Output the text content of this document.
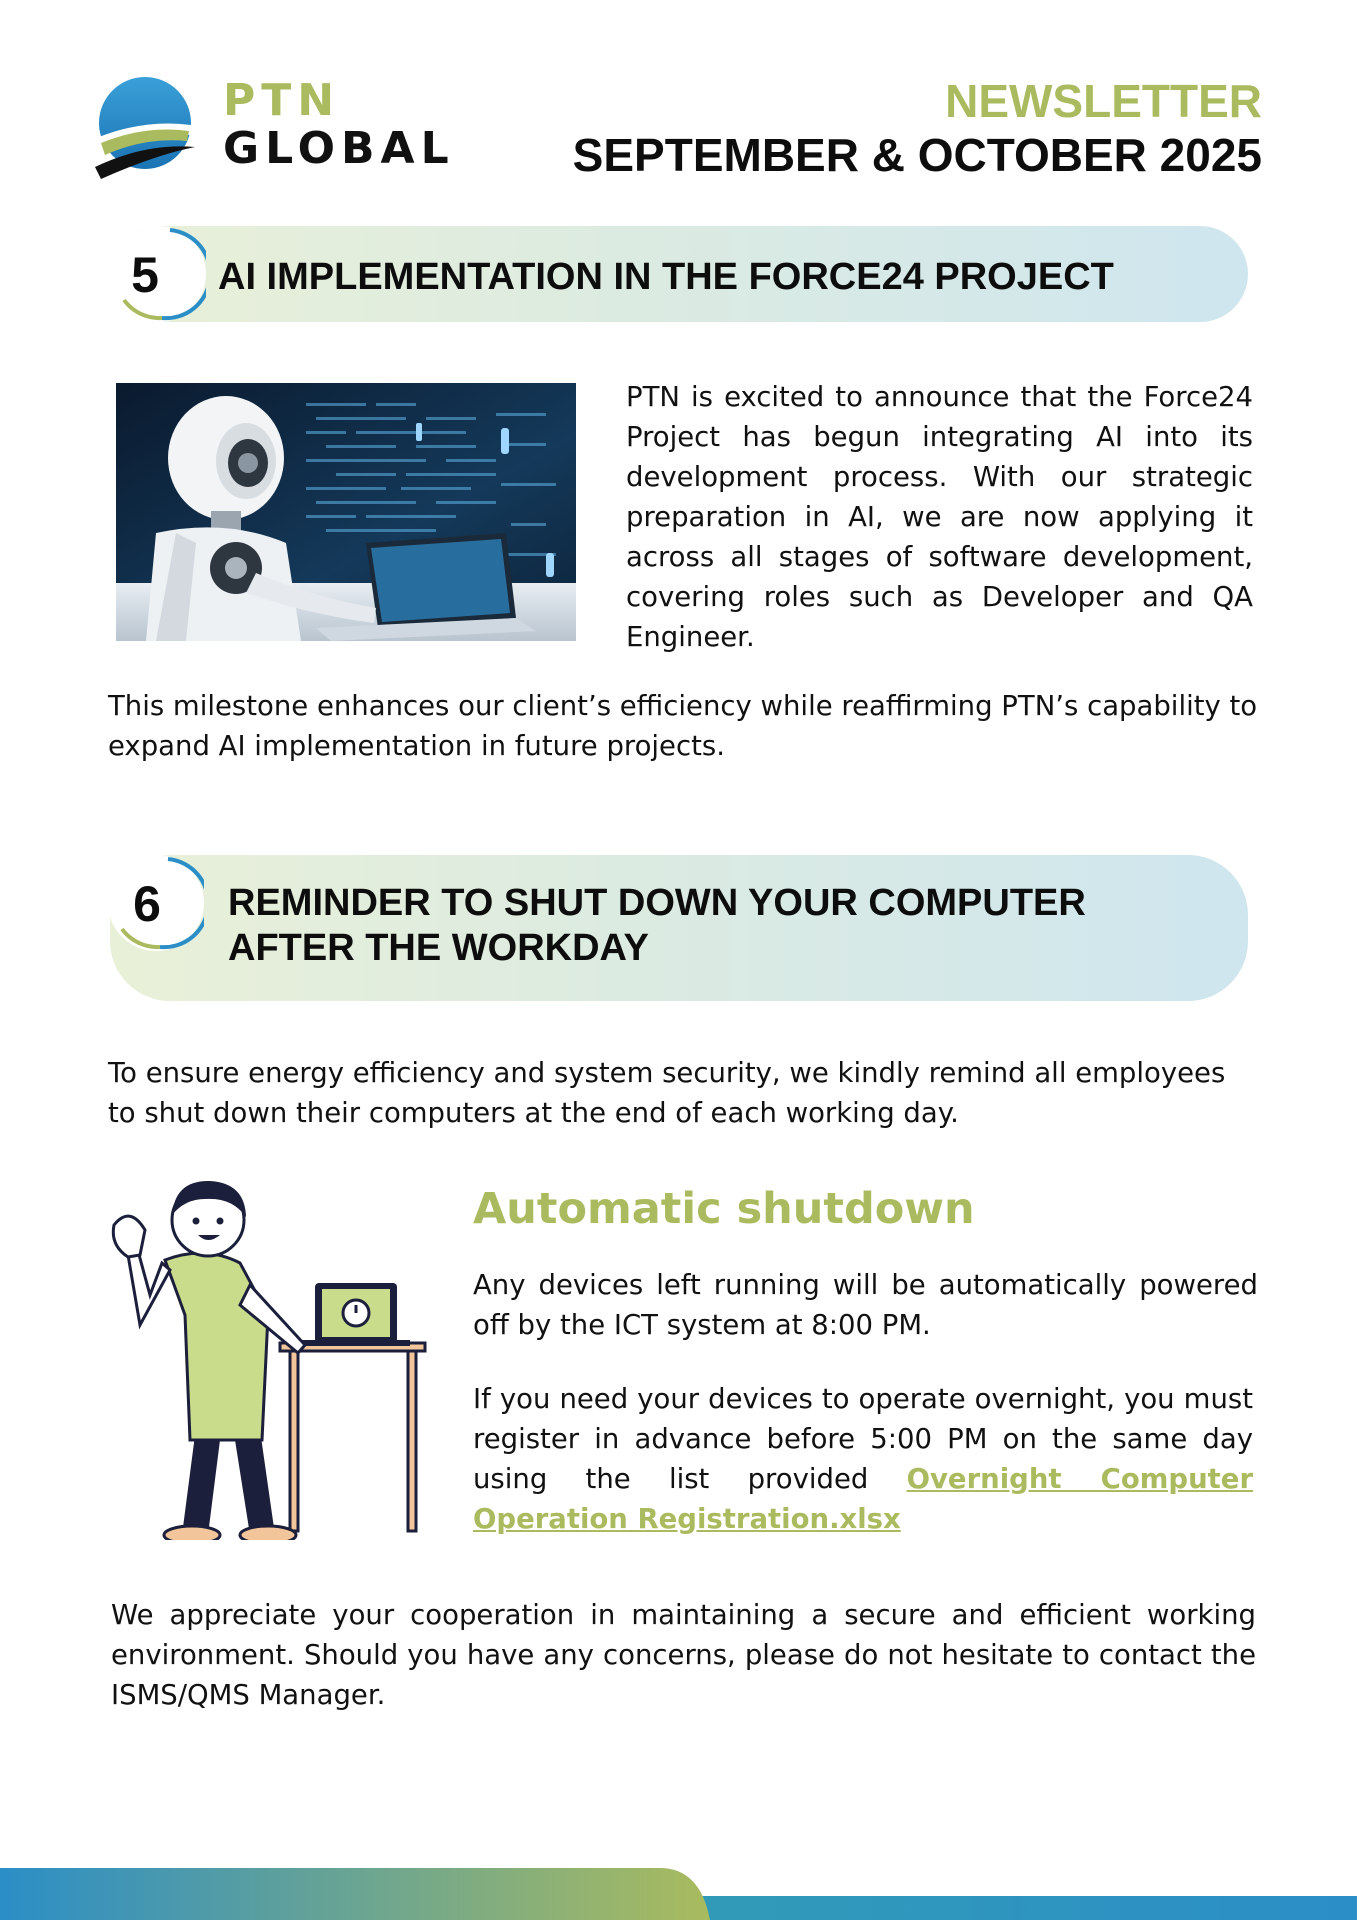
PTN
GLOBAL
NEWSLETTER
SEPTEMBER & OCTOBER 2025
5	AI IMPLEMENTATION IN THE FORCE24 PROJECT
PTN is excited to announce that the Force24 Project has begun integrating AI into its development process. With our strategic preparation in AI, we are now applying it across all stages of software development, covering roles such as Developer and QA Engineer.
This milestone enhances our client’s efficiency while reaffirming PTN’s capability to expand AI implementation in future projects.
6	REMINDER TO SHUT DOWN YOUR COMPUTER
AFTER THE WORKDAY
To ensure energy efficiency and system security, we kindly remind all employees to shut down their computers at the end of each working day.
Automatic shutdown
Any devices left running will be automatically powered off by the ICT system at 8:00 PM.
If you need your devices to operate overnight, you must register in advance before 5:00 PM on the same day using the list provided Overnight Computer Operation Registration.xlsx
We appreciate your cooperation in maintaining a secure and efficient working environment. Should you have any concerns, please do not hesitate to contact the ISMS/QMS Manager.
